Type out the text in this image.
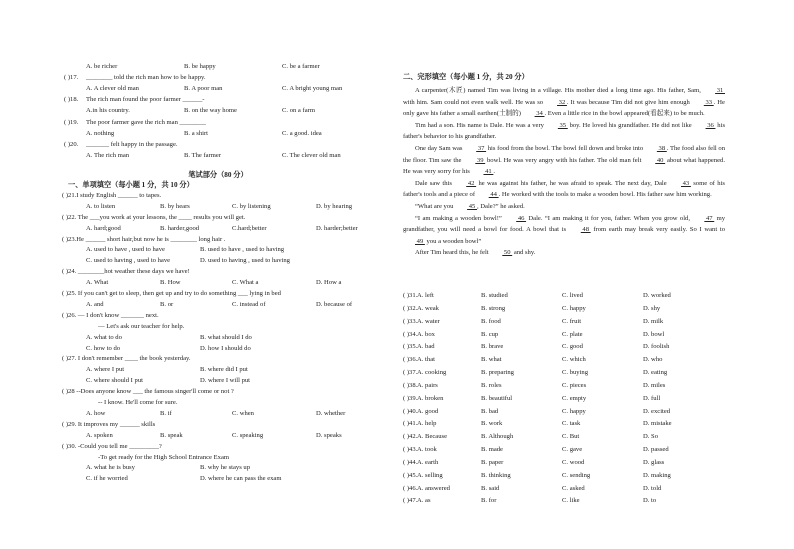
A. be richer	B. be happy	C. be a farmer
( )17. ________ told the rich man how to be happy.
A. A clever old man	B. A poor man	C. A bright young man
( )18. The rich man found the poor farmer ______-
A.in his country.	B. on the way home	C. on a farm
( )19. The poor farmer gave the rich man ________
A. nothing	B. a shirt	C. a good. idea
( )20. _______ felt happy in the passage.
A. The rich man	B. The farmer	C. The clever old man
笔试部分（80 分）
一、单项填空（每小题 1 分，共 10 分）
( )21.I study English ______ to tapes.
A. to listen	B. by hears	C. by listening	D. by hearing
( )22. The ___you work at your lessons, the ____ results you will get.
A. hard;good	B. harder,good	C.hard;better	D. harder;better
( )23.He ______ short hair,but now he is ________ long hair .
A. used to have , used to have	B. used to have , used to having
C. used to having , used to have	D. used to having , used to having
( )24. ________hot weather these days we have!
A. What	B. How	C. What a	D. How a
( )25. If you can't get to sleep, then get up and try to do something ___ lying in bed
A. and	B. or	C. instead of	D. because of
( )26. — I don't know _______ next.
— Let's ask our teacher for help.
A. what to do	B. what should I do
C. how to do	D. how I should do
( )27. I don't remember ____ the book yesterday.
A. where I put	B. where did I put
C. where should I put	D. where I will put
( )28 --Does anyone know ___ the famous singer'll come or not ?
-- I know. He'll come for sure.
A. how	B. if	C. when	D. whether
( )29. It improves my ______ skills
A. spoken	B. speak	C. speaking	D. speaks
( )30. -Could you tell me _________?
-To get ready for the High School Entrance Exam
A. what he is busy	B. why he stays up
C. if he worried	D. where he can pass the exam
二、完形填空（每小题 1 分，共 20 分）

A carpenter(木匠) named Tim was living in a village. His mother died a long time ago. His father, Sam,  31  with him. Sam could not even walk well. He was so  32 . It was because Tim did not give him enough  33 . He only gave his father a small earthen(土制的)  34 . Even a little rice in the bowl appeared(看起来) to be much.

Tim had a son. His name is Dale. He was a very  35  boy. He loved his grandfather. He did not like  36  his father's behavior to his grandfather.

One day Sam was  37  his food from the bowl. The bowl fell down and broke into  38 . The food also fell on the floor. Tim saw the  39  bowl. He was very angry with his father. The old man felt  40  about what happened. He was very sorry for his  41 .

Dale saw this  42  he was against his father, he was afraid to speak. The next day, Dale  43  some of his father's tools and a piece of  44 . He worked with the tools to make a wooden bowl. His father saw him working.

“What are you  45 , Dale?” he asked.

“I am making a wooden bowl!”  46  Dale. “I am making it for you, father. When you grow old,  47  my grandfather, you will need a bowl for food. A bowl that is  48  from earth may break very easily. So I want to  49  you a wooden bowl”

After Tim heard this, he felt  50  and shy.

( )31. A. left	B. studied	C. lived	D. worked
( )32. A. weak	B. strong	C. happy	D. shy
( )33. A. water	B. food	C. fruit	D. milk
( )34. A. box	B. cup	C. plate	D. bowl
( )35. A. bad	B. brave	C. good	D. foolish
( )36. A. that	B. what	C. which	D. who
( )37. A. cooking	B. preparing	C. buying	D. eating
( )38. A. pairs	B. roles	C. pieces	D. miles
( )39. A. broken	B. beautiful	C. empty	D. full
( )40. A. good	B. bad	C. happy	D. excited
( )41. A. help	B. work	C. task	D. mistake
( )42. A. Because	B. Although	C. But	D. So
( )43. A. took	B. made	C. gave	D. passed
( )44. A. earth	B. paper	C. wood	D. glass
( )45. A. selling	B. thinking	C. sending	D. making
( )46. A. answered	B. said	C. asked	D. told
( )47. A. as	B. for	C. like	D. to
